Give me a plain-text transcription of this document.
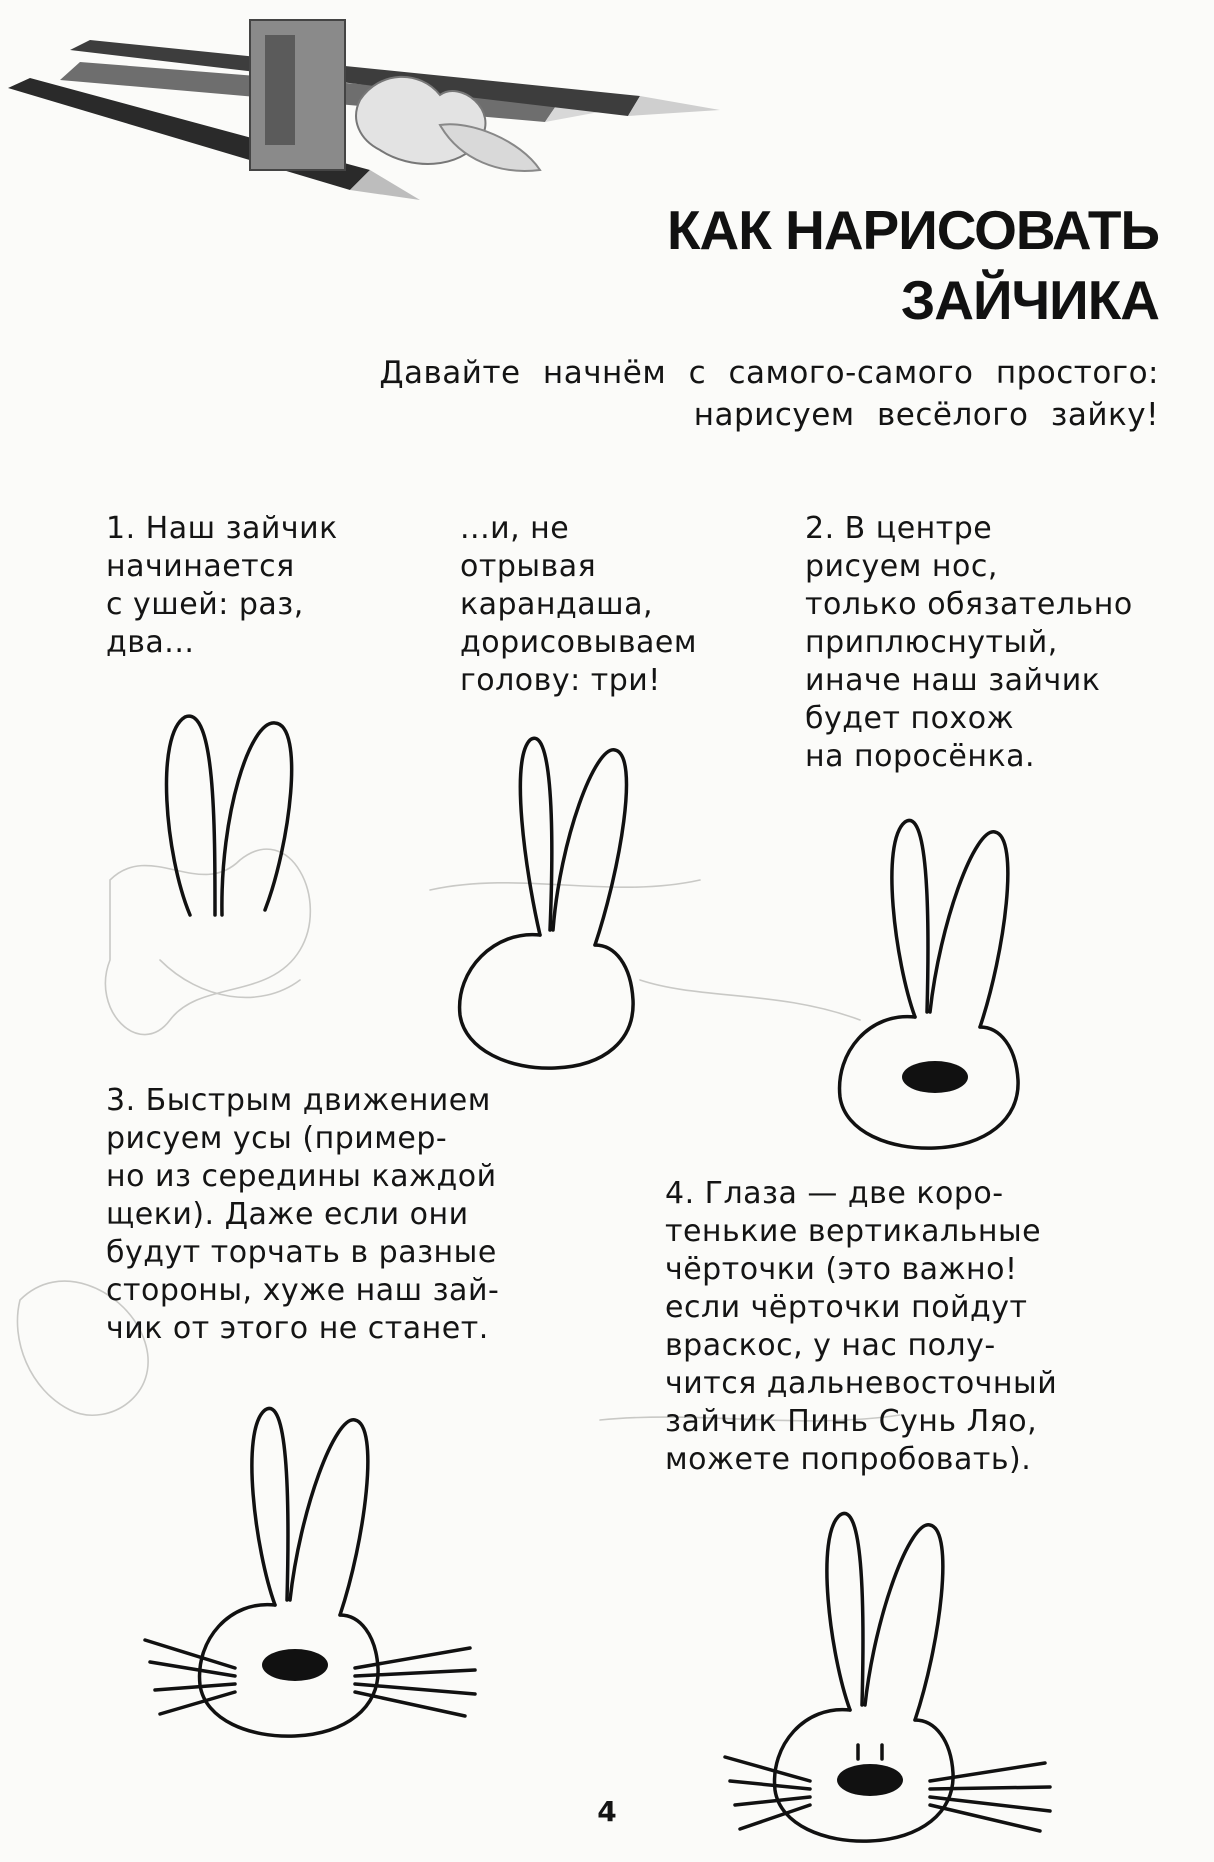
КАК НАРИСОВАТЬ
ЗАЙЧИКА
Давайте начнём с самого-самого простого: нарисуем весёлого зайку!
1. Наш зайчик
начинается
с ушей: раз,
два...
...и, не
отрывая
карандаша,
дорисовываем
голову: три!
2. В центре
рисуем нос,
только обязательно
приплюснутый,
иначе наш зайчик
будет похож
на поросёнка.
3. Быстрым движением
рисуем усы (пример-
но из середины каждой
щеки). Даже если они
будут торчать в разные
стороны, хуже наш зай-
чик от этого не станет.
4. Глаза — две коро-
тенькие вертикальные
чёрточки (это важно!
если чёрточки пойдут
враскос, у нас полу-
чится дальневосточный
зайчик Пинь Сунь Ляо,
можете попробовать).
4
